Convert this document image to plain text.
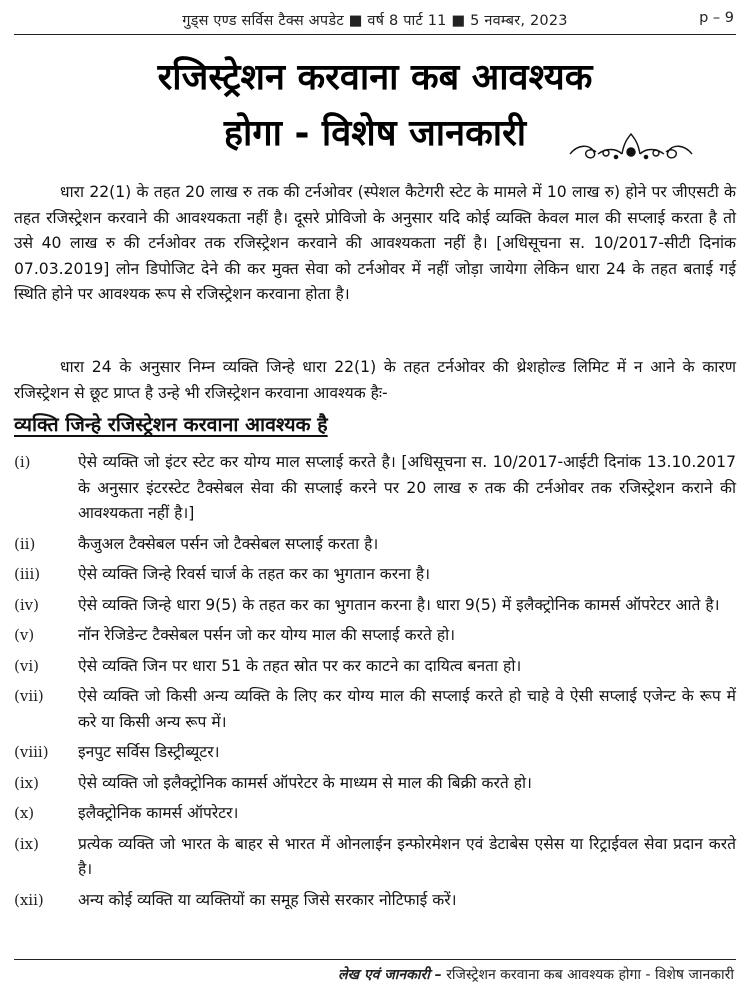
गुड्स एण्ड सर्विस टैक्स अपडेट ■ वर्ष 8 पार्ट 11 ■ 5 नवम्बर, 2023	p – 9
रजिस्ट्रेशन करवाना कब आवश्यक
होगा - विशेष जानकारी
धारा 22(1) के तहत 20 लाख रु तक की टर्नओवर (स्पेशल कैटेगरी स्टेट के मामले में 10 लाख रु) होने पर जीएसटी के तहत रजिस्ट्रेशन करवाने की आवश्यकता नहीं है। दूसरे प्रोविजो के अनुसार यदि कोई व्यक्ति केवल माल की सप्लाई करता है तो उसे 40 लाख रु की टर्नओवर तक रजिस्ट्रेशन करवाने की आवश्यकता नहीं है। [अधिसूचना स. 10/2017-सीटी दिनांक 07.03.2019] लोन डिपोजिट देने की कर मुक्त सेवा को टर्नओवर में नहीं जोड़ा जायेगा लेकिन धारा 24 के तहत बताई गई स्थिति होने पर आवश्यक रूप से रजिस्ट्रेशन करवाना होता है।
धारा 24 के अनुसार निम्न व्यक्ति जिन्हे धारा 22(1) के तहत टर्नओवर की थ्रेशहोल्ड लिमिट में न आने के कारण रजिस्ट्रेशन से छूट प्राप्त है उन्हे भी रजिस्ट्रेशन करवाना आवश्यक हैः-
व्यक्ति जिन्हे रजिस्ट्रेशन करवाना आवश्यक है
(i)	ऐसे व्यक्ति जो इंटर स्टेट कर योग्य माल सप्लाई करते है। [अधिसूचना स. 10/2017-आईटी दिनांक 13.10.2017 के अनुसार इंटरस्टेट टैक्सेबल सेवा की सप्लाई करने पर 20 लाख रु तक की टर्नओवर तक रजिस्ट्रेशन कराने की आवश्यकता नहीं है।]
(ii)	कैजुअल टैक्सेबल पर्सन जो टैक्सेबल सप्लाई करता है।
(iii)	ऐसे व्यक्ति जिन्हे रिवर्स चार्ज के तहत कर का भुगतान करना है।
(iv)	ऐसे व्यक्ति जिन्हे धारा 9(5) के तहत कर का भुगतान करना है। धारा 9(5) में इलैक्ट्रोनिक कामर्स ऑपरेटर आते है।
(v)	नॉन रेजिडेन्ट टैक्सेबल पर्सन जो कर योग्य माल की सप्लाई करते हो।
(vi)	ऐसे व्यक्ति जिन पर धारा 51 के तहत स्रोत पर कर काटने का दायित्व बनता हो।
(vii)	ऐसे व्यक्ति जो किसी अन्य व्यक्ति के लिए कर योग्य माल की सप्लाई करते हो चाहे वे ऐसी सप्लाई एजेन्ट के रूप में करे या किसी अन्य रूप में।
(viii)	इनपुट सर्विस डिस्ट्रीब्यूटर।
(ix)	ऐसे व्यक्ति जो इलैक्ट्रोनिक कामर्स ऑपरेटर के माध्यम से माल की बिक्री करते हो।
(x)	इलैक्ट्रोनिक कामर्स ऑपरेटर।
(ix)	प्रत्येक व्यक्ति जो भारत के बाहर से भारत में ओनलाईन इन्फोरमेशन एवं डेटाबेस एसेस या रिट्राईवल सेवा प्रदान करते है।
(xii)	अन्य कोई व्यक्ति या व्यक्तियों का समूह जिसे सरकार नोटिफाई करें।
लेख एवं जानकारी – रजिस्ट्रेशन करवाना कब आवश्यक होगा - विशेष जानकारी
